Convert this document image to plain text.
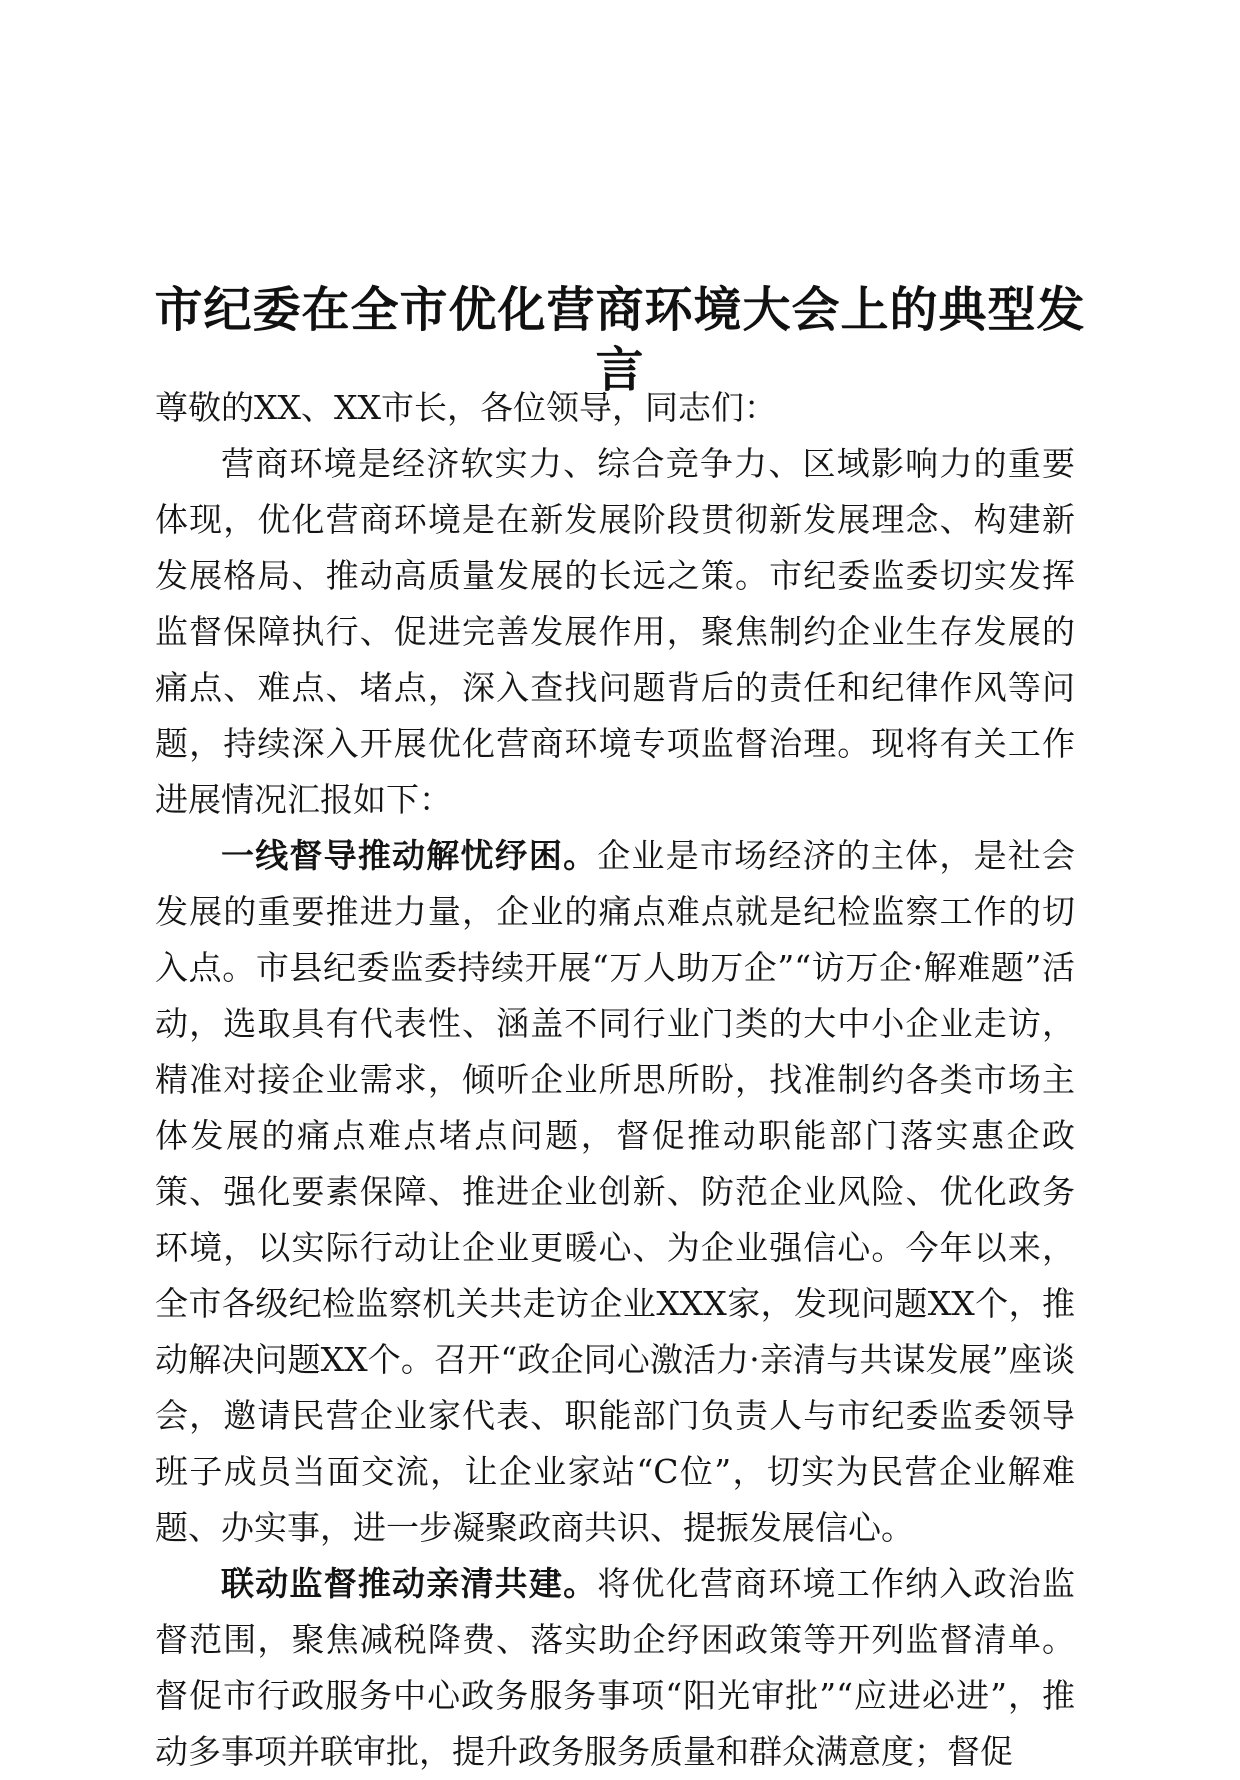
市纪委在全市优化营商环境大会上的典型发言

尊敬的XX、XX市长，各位领导，同志们：

营商环境是经济软实力、综合竞争力、区域影响力的重要体现，优化营商环境是在新发展阶段贯彻新发展理念、构建新发展格局、推动高质量发展的长远之策。市纪委监委切实发挥监督保障执行、促进完善发展作用，聚焦制约企业生存发展的痛点、难点、堵点，深入查找问题背后的责任和纪律作风等问题，持续深入开展优化营商环境专项监督治理。现将有关工作进展情况汇报如下：

一线督导推动解忧纾困。企业是市场经济的主体，是社会发展的重要推进力量，企业的痛点难点就是纪检监察工作的切入点。市县纪委监委持续开展“万人助万企”“访万企·解难题”活动，选取具有代表性、涵盖不同行业门类的大中小企业走访，精准对接企业需求，倾听企业所思所盼，找准制约各类市场主体发展的痛点难点堵点问题，督促推动职能部门落实惠企政策、强化要素保障、推进企业创新、防范企业风险、优化政务环境，以实际行动让企业更暖心、为企业强信心。今年以来，全市各级纪检监察机关共走访企业XXX家，发现问题XX个，推动解决问题XX个。召开“政企同心激活力·亲清与共谋发展”座谈会，邀请民营企业家代表、职能部门负责人与市纪委监委领导班子成员当面交流，让企业家站“C位”，切实为民营企业解难题、办实事，进一步凝聚政商共识、提振发展信心。

联动监督推动亲清共建。将优化营商环境工作纳入政治监督范围，聚焦减税降费、落实助企纾困政策等开列监督清单。督促市行政服务中心政务服务事项“阳光审批”“应进必进”，推动多事项并联审批，提升政务服务质量和群众满意度；督促
